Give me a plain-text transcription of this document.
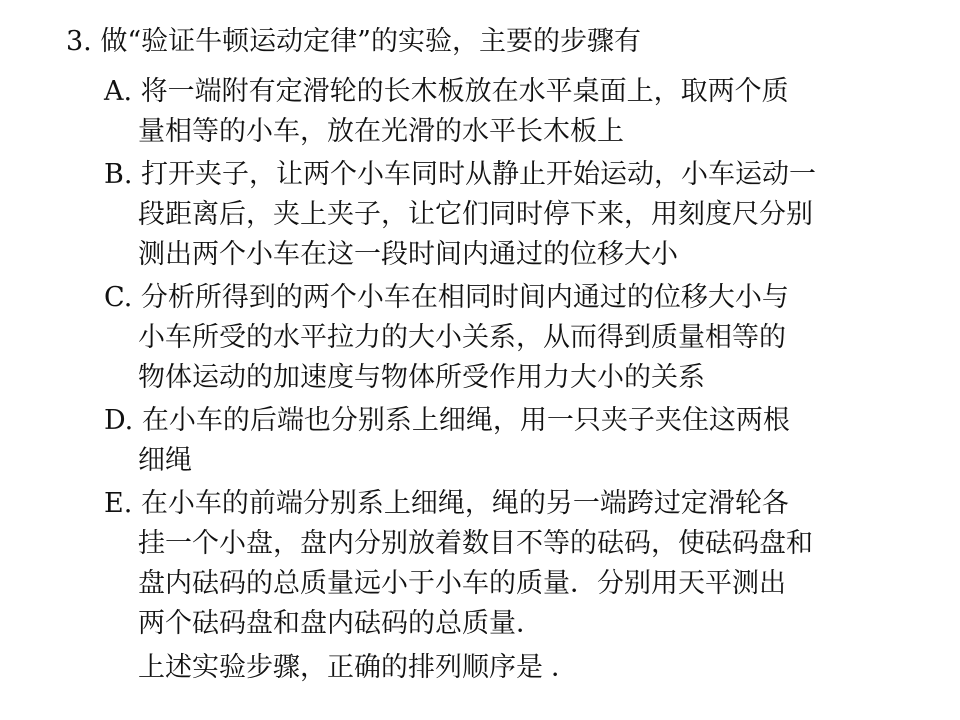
3. 做“验证牛顿运动定律”的实验，主要的步骤有
A. 将一端附有定滑轮的长木板放在水平桌面上，取两个质
量相等的小车，放在光滑的水平长木板上
B. 打开夹子，让两个小车同时从静止开始运动，小车运动一
段距离后，夹上夹子，让它们同时停下来，用刻度尺分别
测出两个小车在这一段时间内通过的位移大小
C. 分析所得到的两个小车在相同时间内通过的位移大小与
小车所受的水平拉力的大小关系，从而得到质量相等的
物体运动的加速度与物体所受作用力大小的关系
D. 在小车的后端也分别系上细绳，用一只夹子夹住这两根
细绳
E. 在小车的前端分别系上细绳，绳的另一端跨过定滑轮各
挂一个小盘，盘内分别放着数目不等的砝码，使砝码盘和
盘内砝码的总质量远小于小车的质量．分别用天平测出
两个砝码盘和盘内砝码的总质量．
上述实验步骤，正确的排列顺序是 ．
